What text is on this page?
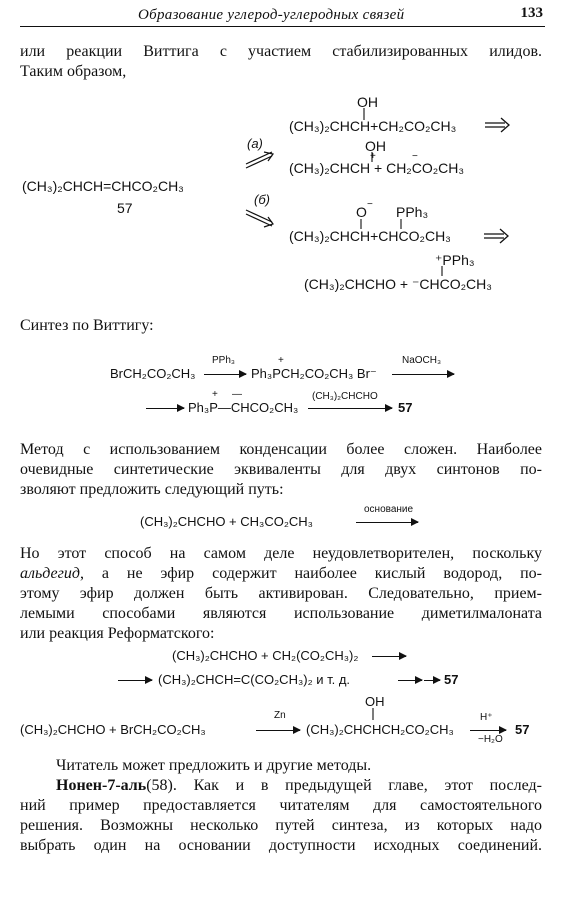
Образование углерод-углеродных связей	133
или реакции Виттига с участием стабилизированных илидов.
Таким образом,
(CH₃)₂CHCH=CHCO₂CH₃
57
(a)
(б)
OH
(CH₃)₂CHCH+CH₂CO₂CH₃
OH
(CH₃)₂CHCH + CH₂CO₂CH₃
+	−
O − PPh₃
(CH₃)₂CHCH+CHCO₂CH₃
⁺PPh₃
(CH₃)₂CHCHO + ⁻CHCO₂CH₃
Синтез по Виттигу:
BrCH₂CO₂CH₃
PPh₃
→ Ph₃PCH₂CO₂CH₃ Br⁻
+	NaOCH₃
→ Ph₃P—CHCO₂CH₃
+ —	(CH₃)₂CHCHO
57
Метод с использованием конденсации более сложен. Наиболее
очевидные синтетические эквиваленты для двух синтонов по-
зволяют предложить следующий путь:
(CH₃)₂CHCHO + CH₃CO₂CH₃
основание
Но этот способ на самом деле неудовлетворителен, поскольку
альдегид , а не эфир содержит наиболее кислый водород, по-
этому эфир должен быть активирован. Следовательно, прием-
лемыми способами являются использование диметилмалоната
или реакция Реформатского:
(CH₃)₂CHCHO + CH₂(CO₂CH₃)₂ →
→ (CH₃)₂CHCH=C(CO₂CH₃)₂ и т. д.	57
(CH₃)₂CHCHO + BrCH₂CO₂CH₃
Zn
OH
(CH₃)₂CHCHCH₂CO₂CH₃
H⁺
−H₂O
57
Читатель может предложить и другие методы.
Нонен-7-аль (58). Как и в предыдущей главе, этот послед-
ний пример предоставляется читателям для самостоятельного
решения. Возможны несколько путей синтеза, из которых надо
выбрать один на основании доступности исходных соединений.
